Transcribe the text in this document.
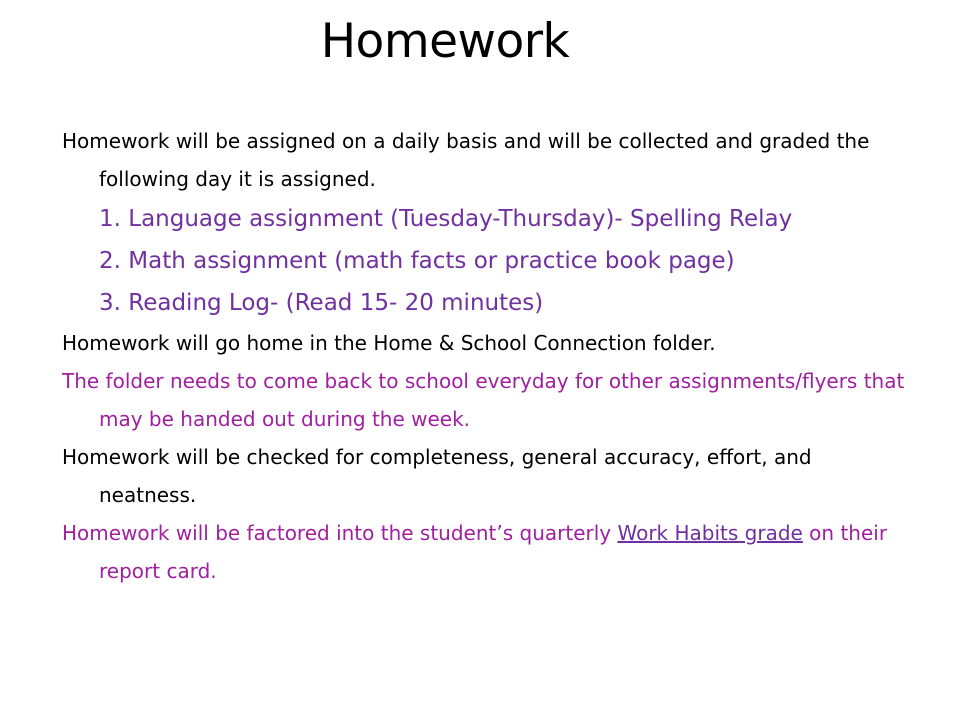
Homework

Homework will be assigned on a daily basis and will be collected and graded the following day it is assigned.

1. Language assignment (Tuesday-Thursday)- Spelling Relay

2. Math assignment (math facts or practice book page)

3. Reading Log- (Read 15- 20 minutes)

Homework will go home in the Home & School Connection folder.

The folder needs to come back to school everyday for other assignments/flyers that may be handed out during the week.

Homework will be checked for completeness, general accuracy, effort, and neatness.

Homework will be factored into the student’s quarterly Work Habits grade on their report card.
